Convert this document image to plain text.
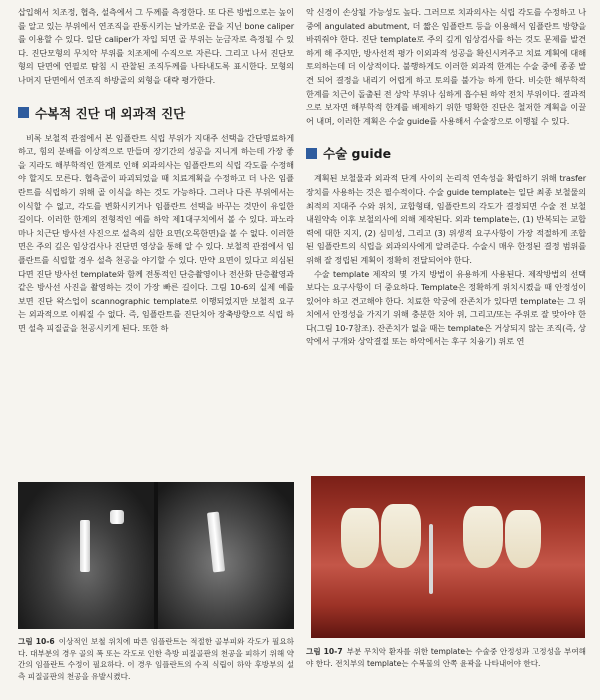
삽입해서 치조정, 협측, 설측에서 그 두께를 측정한다. 또 다른 방법으로는 높이를 알고 있는 부위에서 연조직을 관통시키는 날카로운 끝을 지닌 bone caliper를 이용할 수 있다. 일단 caliper가 자입 되면 골 부위는 눈금자로 측정될 수 있다. 진단모형의 무치악 부위를 치조제에 수직으로 자른다. 그리고 나서 진단모형의 단면에 연필로 탐침 시 관찰된 조직두께를 나타내도록 표시한다. 모형의 나머지 단면에서 연조직 하방골의 외형을 대략 평가한다.

수복적 진단 대 외과적 진단

비록 보철적 관점에서 본 임플란트 식립 부위가 지대주 선택을 간단명료하게 하고, 힘의 분배를 이상적으로 만들며 장기간의 성공을 지니게 하는데 가장 좋을 지라도 해부학적인 한계로 인해 외과의사는 임플란트의 식립 각도를 수정해야 할지도 모른다. 협측골이 파괴되었을 때 치료계획을 수정하고 더 나은 임플란트를 식립하기 위해 골 이식을 하는 것도 가능하다. 그러나 다른 부위에서는 이식할 수 없고, 각도를 변화시키거나 임플란트 선택을 바꾸는 것만이 유일한 길이다. 이러한 한계의 전형적인 예를 하악 제1대구치에서 볼 수 있다. 파노라마나 치근단 방사선 사진으로 설측의 심한 요면(오목한면)을 볼 수 없다. 이러한 면은 주의 깊은 임상검사나 진단면 영상을 통해 알 수 있다. 보철적 관점에서 임플란트를 식립할 경우 설측 천공을 야기할 수 있다. 만약 요면이 있다고 의심된다면 진단 방사선 template와 함께 전통적인 단층촬영이나 전산화 단층촬영과 같은 방사선 사진을 촬영하는 것이 가장 빠른 길이다. 그림 10-6의 실제 예를 보면 진단 왁스업이 scannographic template로 이행되었지만 보철적 요구는 외과적으로 이뤄질 수 없다. 즉, 임플란트를 진단치아 장축방향으로 식립 하면 설측 피질골을 천공시키게 된다. 또한 하

악 신경이 손상될 가능성도 높다. 그러므로 치과의사는 식립 각도를 수정하고 나중에 angulated abutment, 더 짧은 임플란트 등을 이용해서 임플란트 방향을 바꿔줘야 한다. 진단 template로 주의 깊게 임상검사를 하는 것도 문제를 발견하게 해 주지만, 방사선적 평가 이외과적 성공을 확신시켜주고 치료 계획에 대해 토의하는데 더 이상적이다. 불행하게도 이러한 외과적 한계는 수술 중에 종종 발견 되어 결정을 내리기 어렵게 하고 토의를 불가능 하게 한다. 비슷한 해부학적 한계를 치근이 돌출된 전 상악 부위나 심하게 흡수된 하악 전치 부위이다. 결과적으로 보자면 해부학적 한계를 배제하기 위한 명확한 진단은 철저한 계획을 이끌어 내며, 이러한 계획은 수술 guide를 사용해서 수술장으로 이행될 수 있다.

수술 guide

계획된 보철물과 외과적 단계 사이의 논리적 연속성을 확립하기 위해 trasfer 장치를 사용하는 것은 필수적이다. 수술 guide template는 일단 최종 보철물의 최적의 지대주 수와 위치, 교합형태, 임플란트의 각도가 결정되면 수술 전 보철 내원약속 이후 보철의사에 의해 제작된다. 외과 template는, (1) 반복되는 교합력에 대한 지지, (2) 심미성, 그리고 (3) 위생적 요구사항이 가장 적절하게 조합된 임플란트의 식립을 외과의사에게 알려준다. 수술시 매우 한정된 결정 범위를 위해 잘 정립된 계획이 정확히 전달되어야 한다.

수술 template 제작의 몇 가지 방법이 유용하게 사용된다. 제작방법의 선택보다는 요구사항이 더 중요하다. Template은 정확하게 위치시켰을 때 안정성이 있어야 하고 견고해야 한다. 치료한 악궁에 잔존치가 있다면 template는 그 위치에서 안정성을 가지기 위해 충분한 치아 위, 그리고/또는 주위로 잘 맞아야 한다(그림 10-7참조). 잔존치가 없을 때는 template은 거상되지 않는 조직(즉, 상악에서 구개와 상악결절 또는 하악에서는 후구 치융기) 위로 연

그림 10-6 이상적인 보철 위치에 따른 임플란트는 적절한 골부피와 각도가 필요하다. 대부분의 경우 골의 폭 또는 각도로 인한 측방 피질골판의 천공을 피하기 위해 약간의 임플란트 수정이 필요하다. 이 경우 임플란트의 수직 식립이 하악 후방부의 설측 피질골판의 천공을 유발시켰다.
그림 10-7 부분 무치악 환자를 위한 template는 수술중 안정성과 고정성을 부여해야 한다. 전치부의 template는 수복물의 안쪽 윤곽을 나타내어야 한다.
